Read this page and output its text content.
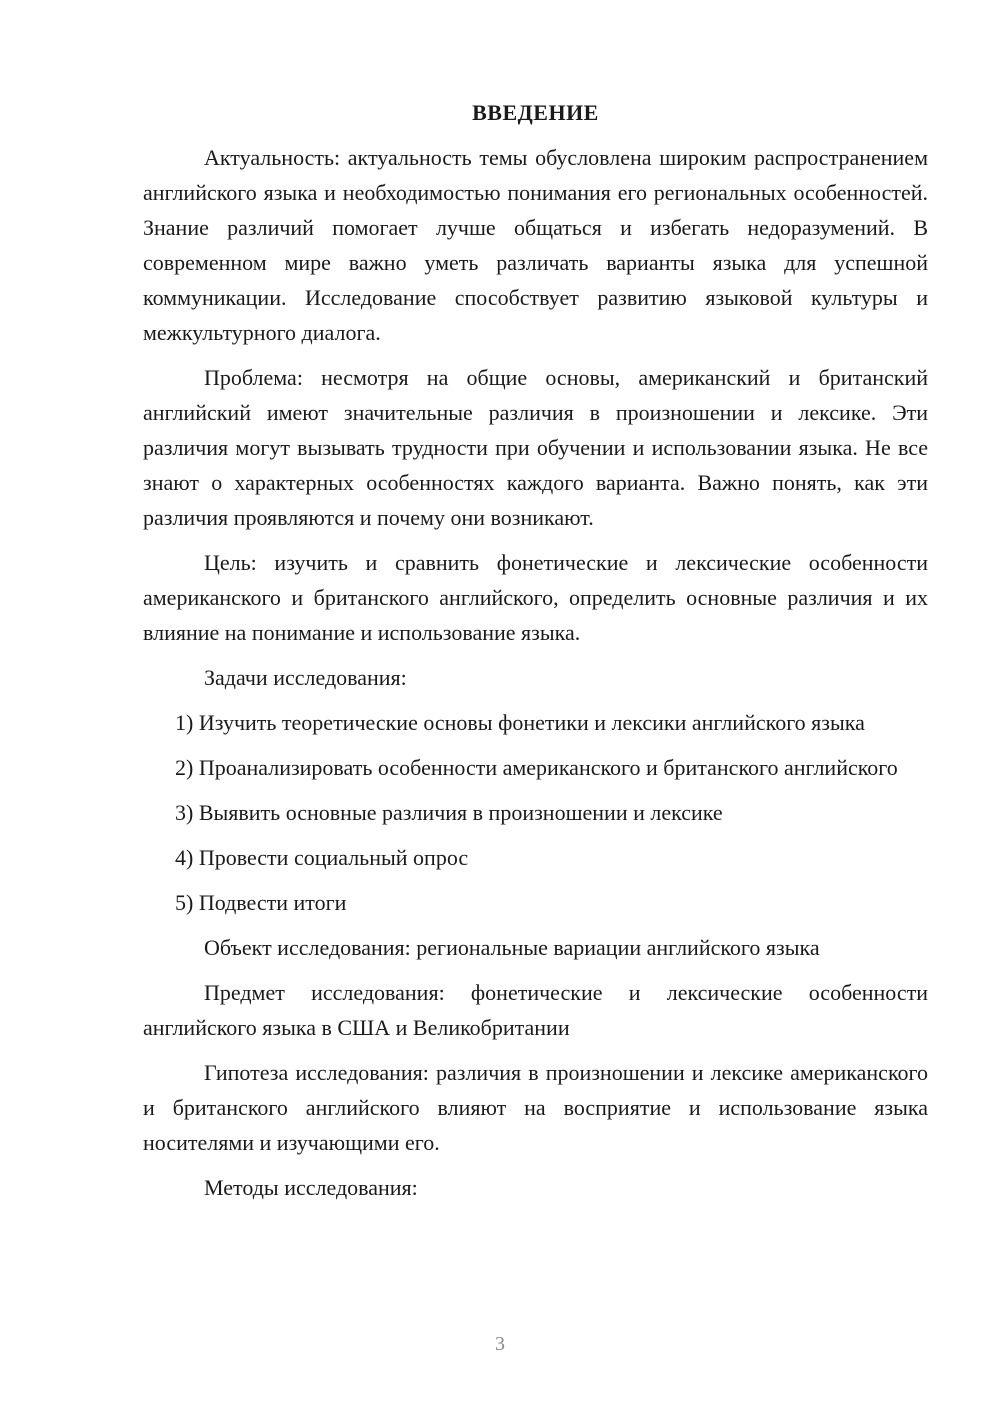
ВВЕДЕНИЕ

Актуальность: актуальность темы обусловлена широким распространением английского языка и необходимостью понимания его региональных особенностей. Знание различий помогает лучше общаться и избегать недоразумений. В современном мире важно уметь различать варианты языка для успешной коммуникации. Исследование способствует развитию языковой культуры и межкультурного диалога.

Проблема: несмотря на общие основы, американский и британский английский имеют значительные различия в произношении и лексике. Эти различия могут вызывать трудности при обучении и использовании языка. Не все знают о характерных особенностях каждого варианта. Важно понять, как эти различия проявляются и почему они возникают.

Цель: изучить и сравнить фонетические и лексические особенности американского и британского английского, определить основные различия и их влияние на понимание и использование языка.

Задачи исследования:

1) Изучить теоретические основы фонетики и лексики английского языка

2) Проанализировать особенности американского и британского английского

3) Выявить основные различия в произношении и лексике

4) Провести социальный опрос

5) Подвести итоги

Объект исследования: региональные вариации английского языка

Предмет исследования: фонетические и лексические особенности английского языка в США и Великобритании

Гипотеза исследования: различия в произношении и лексике американского и британского английского влияют на восприятие и использование языка носителями и изучающими его.

Методы исследования:

3
